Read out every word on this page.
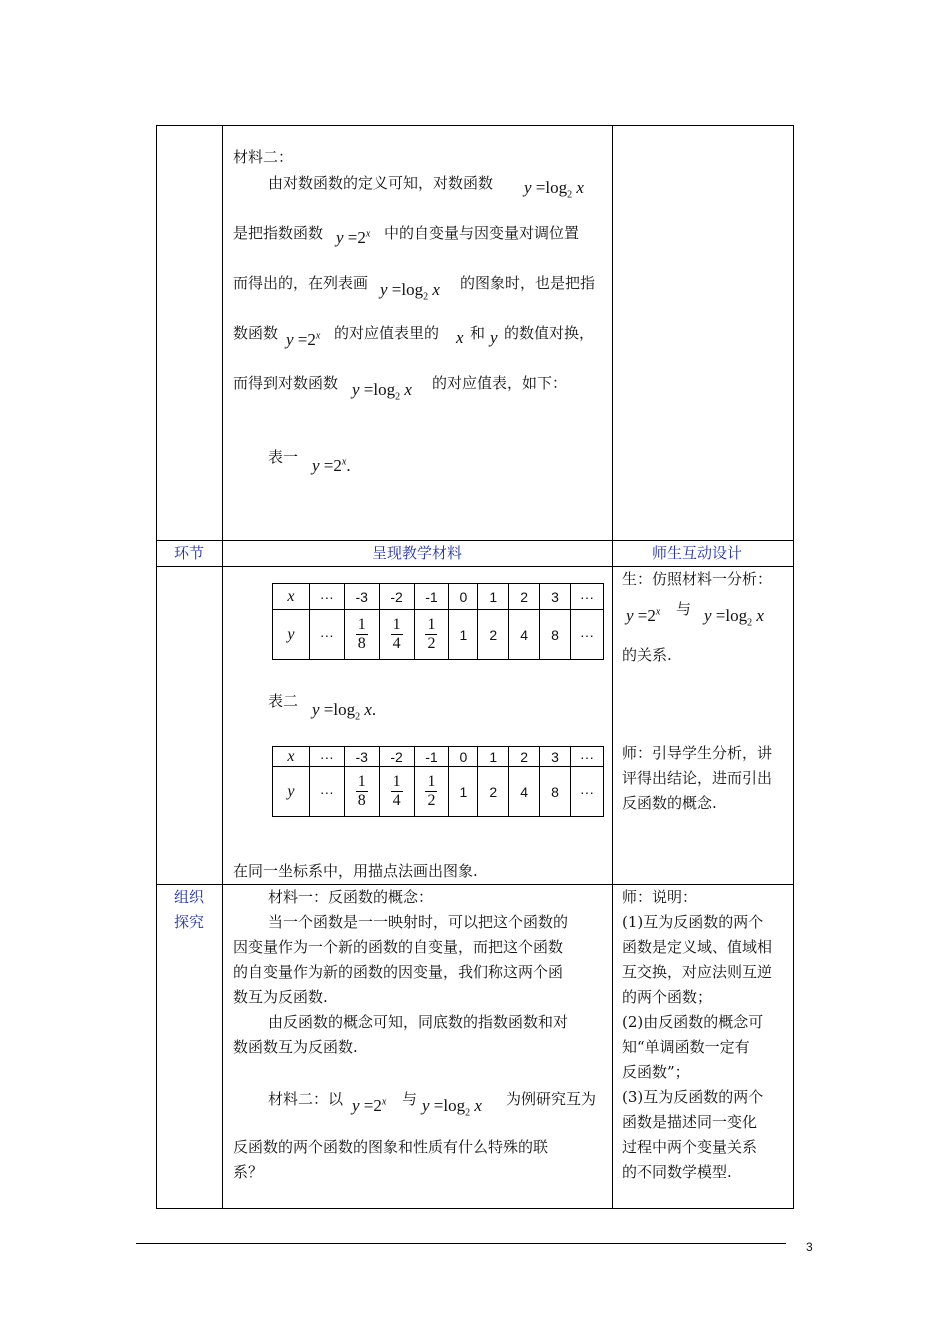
材料二：
由对数函数的定义可知，对数函数 $y =\log_2$ x
是把指数函数 $y =2^x$ 中的自变量与因变量对调位置
而得出的，在列表画 $y =\log_2$ x 的图象时，也是把指
数函数 $y =2^x$ 的对应值表里的 x 和 y 的数值对换，
而得到对数函数 $y =\log_2$ x 的对应值表，如下：
表一 $y =2^x$.
环节	呈现教学材料	师生互动设计
x	···	-3	-2	-1	0	1	2	3	···
y	···	$\frac{1}{8}$	$\frac{1}{4}$	$\frac{1}{2}$	1	2	4	8	···
表二 $y =\log_2$ x.
x	···	-3	-2	-1	0	1	2	3	···
y	···	$\frac{1}{8}$	$\frac{1}{4}$	$\frac{1}{2}$	1	2	4	8	···
在同一坐标系中，用描点法画出图象.
生：仿照材料一分析：
$y =2^x$ 与 $y =\log_2$ x
的关系.
师：引导学生分析，讲
评得出结论，进而引出
反函数的概念.
组织
探究
材料一：反函数的概念：
当一个函数是一一映射时，可以把这个函数的
因变量作为一个新的函数的自变量，而把这个函数
的自变量作为新的函数的因变量，我们称这两个函
数互为反函数.
由反函数的概念可知，同底数的指数函数和对
数函数互为反函数.
材料二：以 $y =2^x$ 与 $y =\log_2$ x 为例研究互为
反函数的两个函数的图象和性质有什么特殊的联
系？
师：说明：
(1)互为反函数的两个
函数是定义域、值域相
互交换，对应法则互逆
的两个函数；
(2)由反函数的概念可
知“单调函数一定有
反函数”；
(3)互为反函数的两个
函数是描述同一变化
过程中两个变量关系
的不同数学模型.
3
